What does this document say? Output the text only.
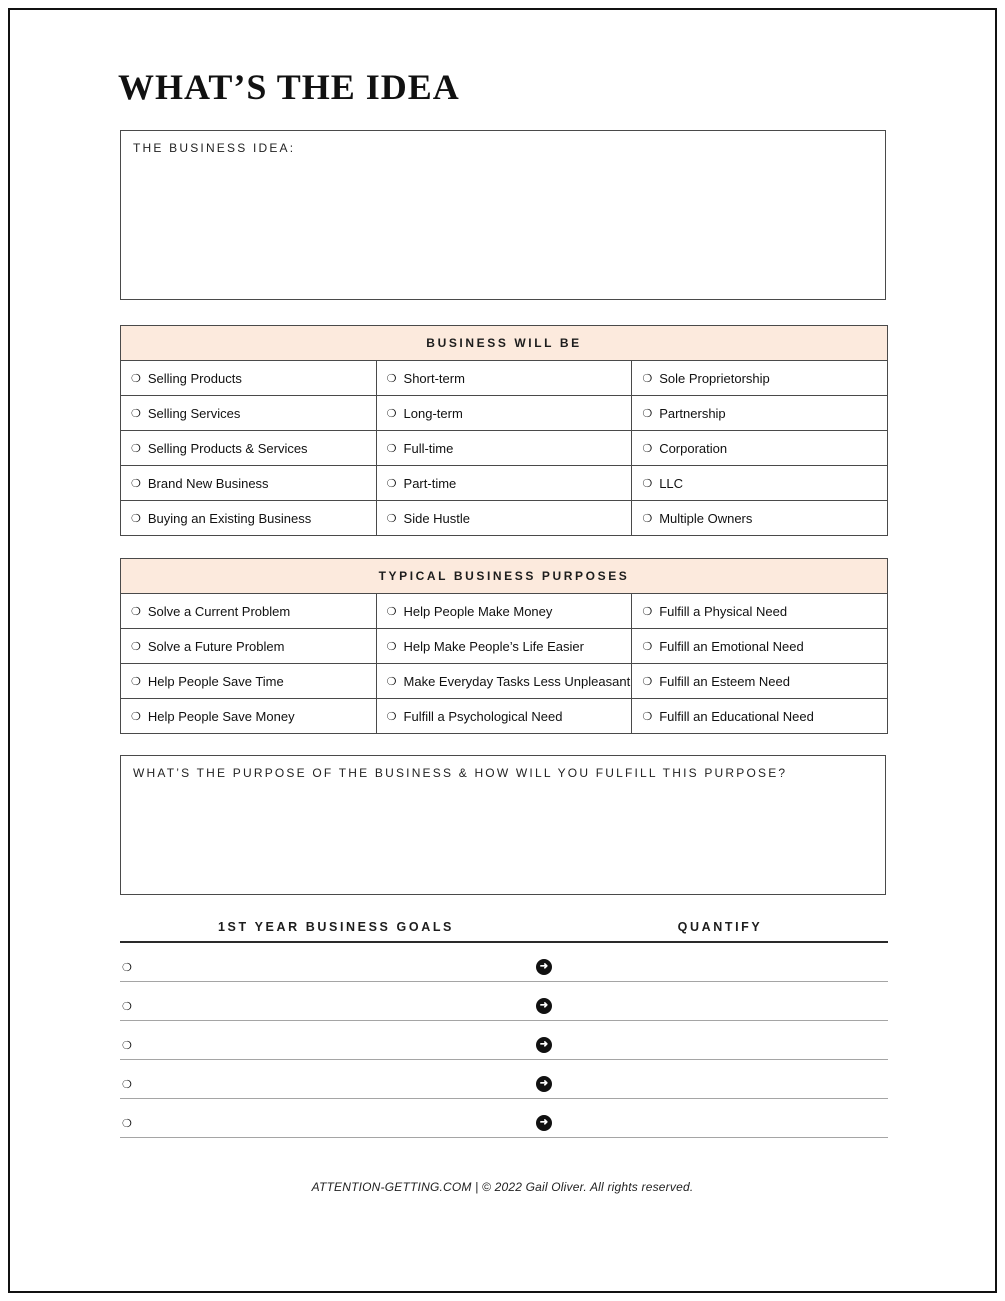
WHAT’S THE IDEA
THE BUSINESS IDEA:
BUSINESS WILL BE		
❍ Selling Products	❍ Short-term	❍ Sole Proprietorship
❍ Selling Services	❍ Long-term	❍ Partnership
❍ Selling Products & Services	❍ Full-time	❍ Corporation
❍ Brand New Business	❍ Part-time	❍ LLC
❍ Buying an Existing Business	❍ Side Hustle	❍ Multiple Owners
TYPICAL BUSINESS PURPOSES		
❍ Solve a Current Problem	❍ Help People Make Money	❍ Fulfill a Physical Need
❍ Solve a Future Problem	❍ Help Make People’s Life Easier	❍ Fulfill an Emotional Need
❍ Help People Save Time	❍ Make Everyday Tasks Less Unpleasant	❍ Fulfill an Esteem Need
❍ Help People Save Money	❍ Fulfill a Psychological Need	❍ Fulfill an Educational Need
WHAT’S THE PURPOSE OF THE BUSINESS & HOW WILL YOU FULFILL THIS PURPOSE?
1ST YEAR BUSINESS GOALS	QUANTIFY
❍	➜
❍	➜
❍	➜
❍	➜
❍	➜
ATTENTION-GETTING.COM | © 2022 Gail Oliver. All rights reserved.
